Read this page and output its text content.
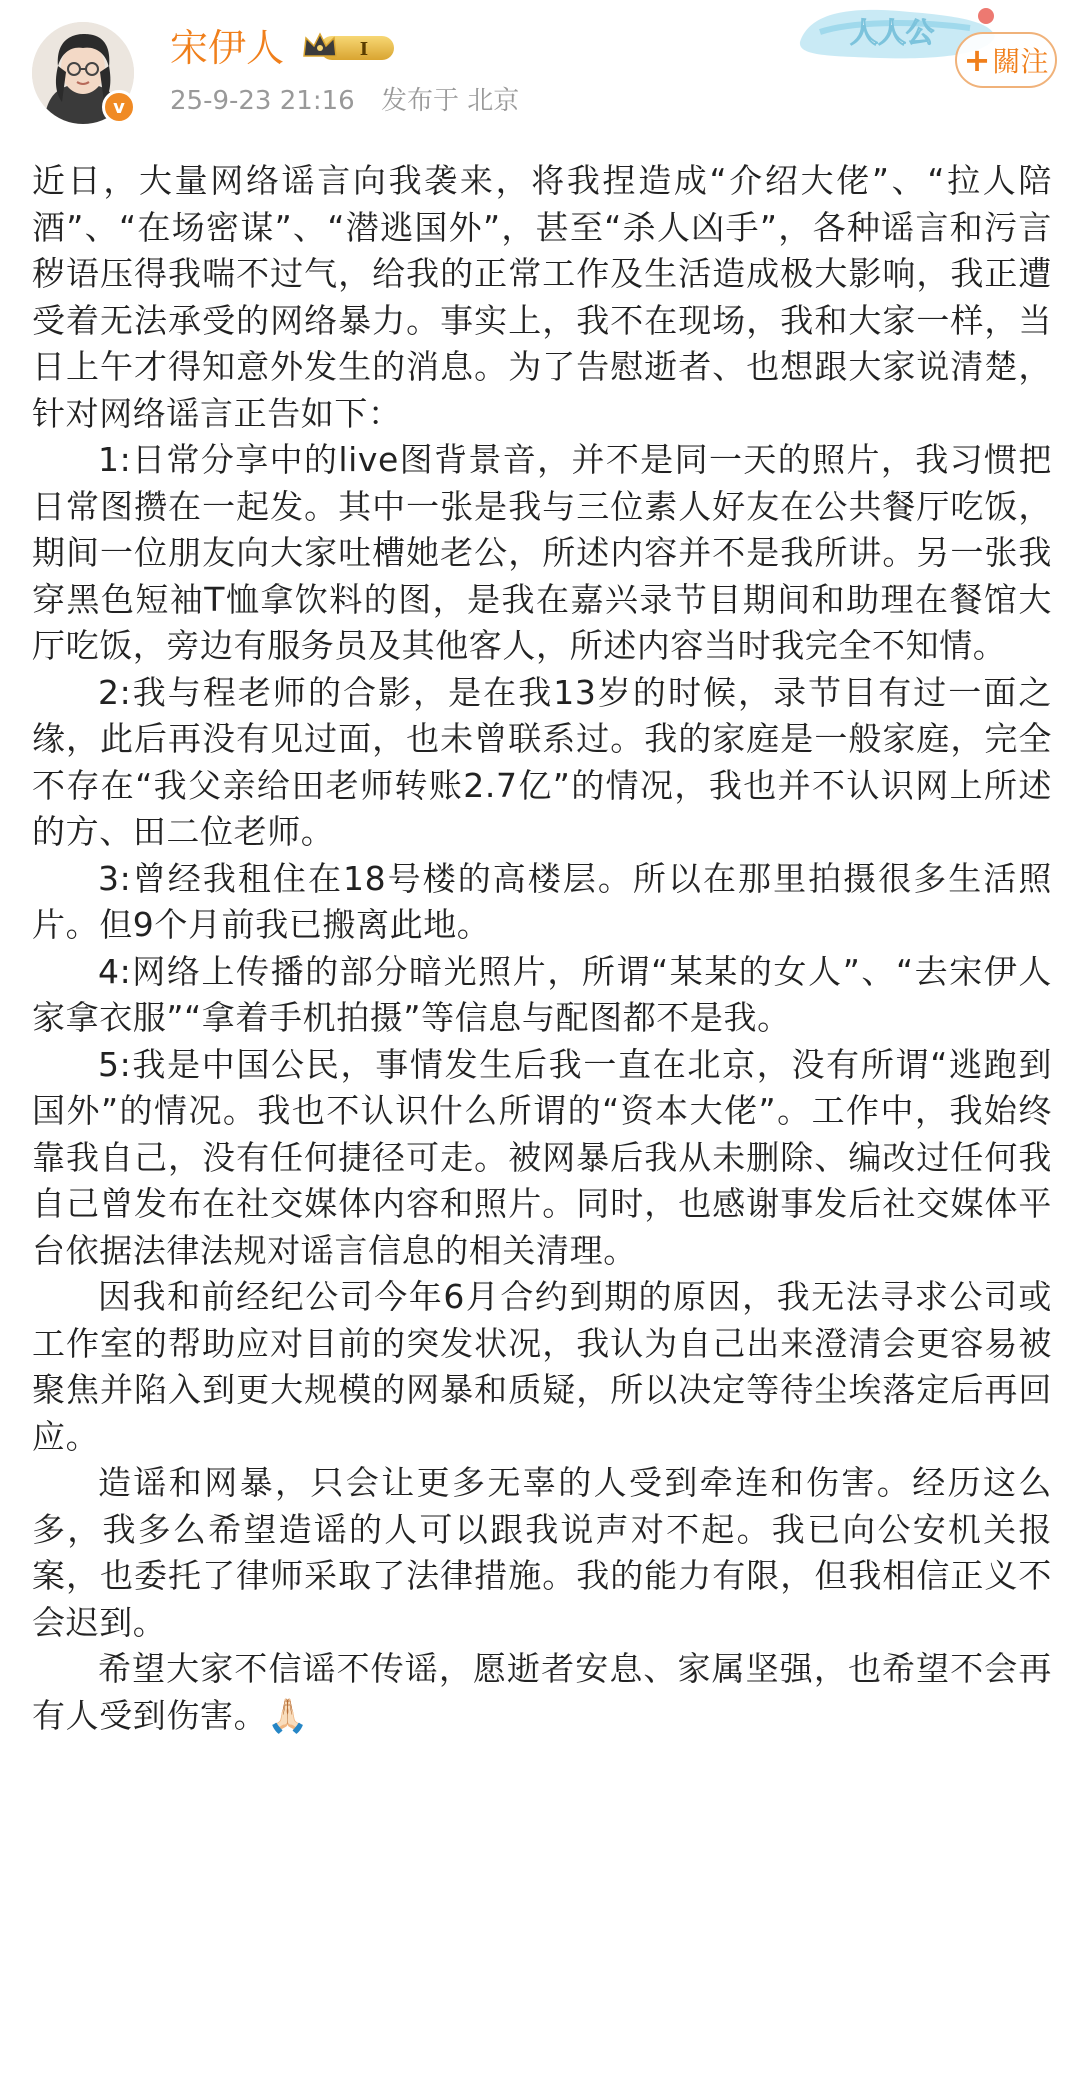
v
宋伊人	I
25-9-23 21:16 发布于 北京
人人公
+ 關注

近日，大量网络谣言向我袭来，将我捏造成“介绍大佬”、“拉人陪酒”、“在场密谋”、“潜逃国外”，甚至“杀人凶手”，各种谣言和污言秽语压得我喘不过气，给我的正常工作及生活造成极大影响，我正遭受着无法承受的网络暴力。事实上，我不在现场，我和大家一样，当日上午才得知意外发生的消息。为了告慰逝者、也想跟大家说清楚，针对网络谣言正告如下：

1:日常分享中的live图背景音，并不是同一天的照片，我习惯把日常图攒在一起发。其中一张是我与三位素人好友在公共餐厅吃饭，期间一位朋友向大家吐槽她老公，所述内容并不是我所讲。另一张我穿黑色短袖T恤拿饮料的图，是我在嘉兴录节目期间和助理在餐馆大厅吃饭，旁边有服务员及其他客人，所述内容当时我完全不知情。

2:我与程老师的合影，是在我13岁的时候，录节目有过一面之缘，此后再没有见过面，也未曾联系过。我的家庭是一般家庭，完全不存在“我父亲给田老师转账2.7亿”的情况，我也并不认识网上所述的方、田二位老师。

3:曾经我租住在18号楼的高楼层。所以在那里拍摄很多生活照片。但9个月前我已搬离此地。

4:网络上传播的部分暗光照片，所谓“某某的女人”、“去宋伊人家拿衣服”“拿着手机拍摄”等信息与配图都不是我。

5:我是中国公民，事情发生后我一直在北京，没有所谓“逃跑到国外”的情况。我也不认识什么所谓的“资本大佬”。工作中，我始终靠我自己，没有任何捷径可走。被网暴后我从未删除、编改过任何我自己曾发布在社交媒体内容和照片。同时，也感谢事发后社交媒体平台依据法律法规对谣言信息的相关清理。

因我和前经纪公司今年6月合约到期的原因，我无法寻求公司或工作室的帮助应对目前的突发状况，我认为自己出来澄清会更容易被聚焦并陷入到更大规模的网暴和质疑，所以决定等待尘埃落定后再回应。

造谣和网暴，只会让更多无辜的人受到牵连和伤害。经历这么多，我多么希望造谣的人可以跟我说声对不起。我已向公安机关报案，也委托了律师采取了法律措施。我的能力有限，但我相信正义不会迟到。

希望大家不信谣不传谣，愿逝者安息、家属坚强，也希望不会再有人受到伤害。🙏🏻
